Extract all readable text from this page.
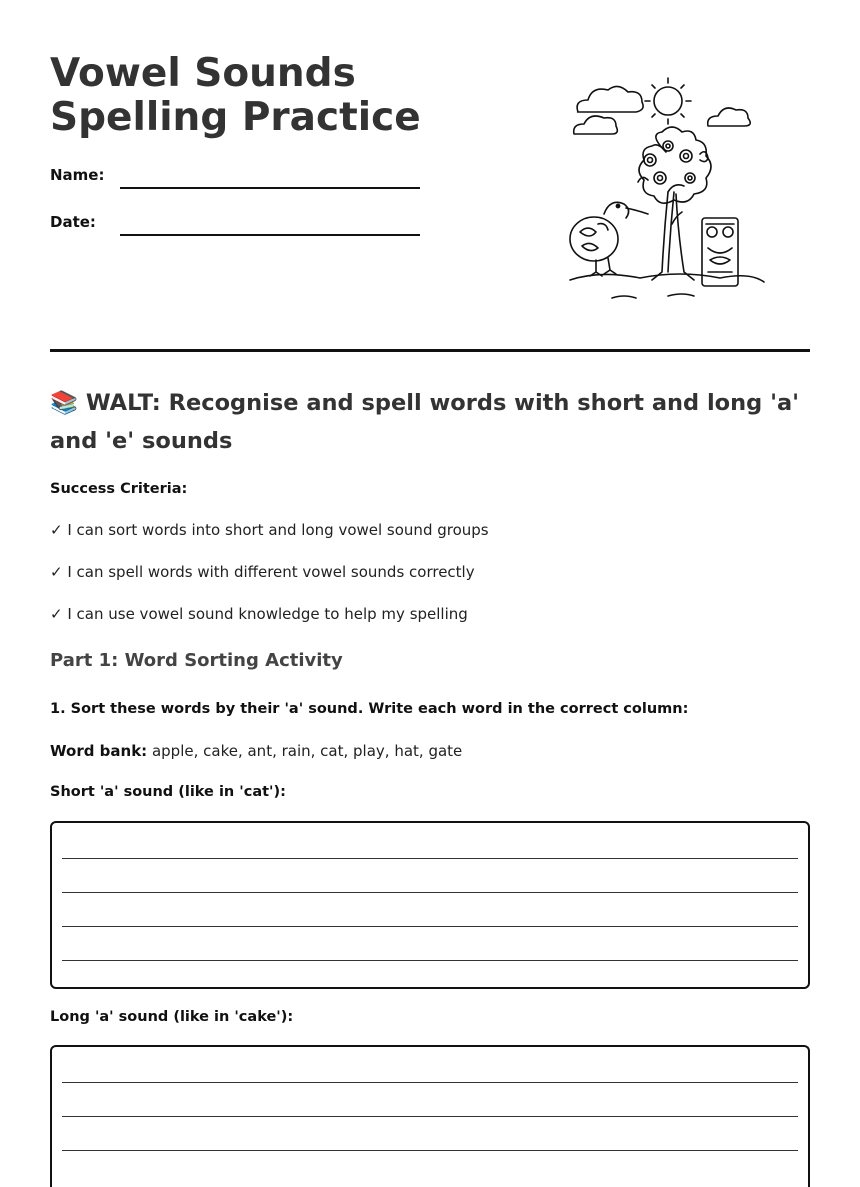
Vowel Sounds Spelling Practice
Name:
Date:
📚 WALT: Recognise and spell words with short and long 'a' and 'e' sounds
Success Criteria:
✓ I can sort words into short and long vowel sound groups
✓ I can spell words with different vowel sounds correctly
✓ I can use vowel sound knowledge to help my spelling
Part 1: Word Sorting Activity
1. Sort these words by their 'a' sound. Write each word in the correct column:
Word bank: apple, cake, ant, rain, cat, play, hat, gate
Short 'a' sound (like in 'cat'):
Long 'a' sound (like in 'cake'):
